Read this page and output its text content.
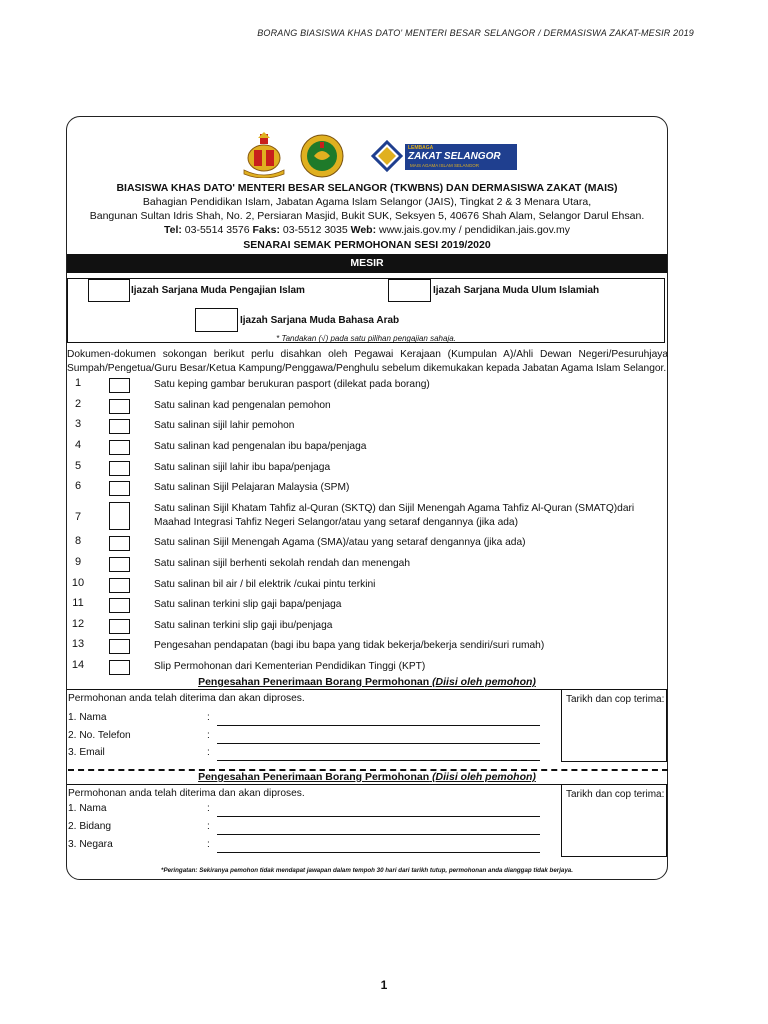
BORANG BIASISWA KHAS DATO' MENTERI BESAR SELANGOR / DERMASISWA ZAKAT-MESIR 2019
LEMBAGA
ZAKAT SELANGOR
MAIS AGAMA ISLAM SELANGOR
BIASISWA KHAS DATO' MENTERI BESAR SELANGOR (TKWBNS) DAN DERMASISWA ZAKAT (MAIS)
Bahagian Pendidikan Islam, Jabatan Agama Islam Selangor (JAIS), Tingkat 2 & 3 Menara Utara,
Bangunan Sultan Idris Shah, No. 2, Persiaran Masjid, Bukit SUK, Seksyen 5, 40676 Shah Alam, Selangor Darul Ehsan.
Tel: 03-5514 3576 Faks: 03-5512 3035 Web: www.jais.gov.my / pendidikan.jais.gov.my
SENARAI SEMAK PERMOHONAN SESI 2019/2020
MESIR
Ijazah Sarjana Muda Pengajian Islam	Ijazah Sarjana Muda Ulum Islamiah
Ijazah Sarjana Muda Bahasa Arab
* Tandakan (√) pada satu pilihan pengajian sahaja.
Dokumen-dokumen sokongan berikut perlu disahkan oleh Pegawai Kerajaan (Kumpulan A)/Ahli Dewan Negeri/Pesuruhjaya
Sumpah/Pengetua/Guru Besar/Ketua Kampung/Penggawa/Penghulu sebelum dikemukakan kepada Jabatan Agama Islam Selangor.
1	Satu keping gambar berukuran pasport (dilekat pada borang)
2	Satu salinan kad pengenalan pemohon
3	Satu salinan sijil lahir pemohon
4	Satu salinan kad pengenalan ibu bapa/penjaga
5	Satu salinan sijil lahir ibu bapa/penjaga
6	Satu salinan Sijil Pelajaran Malaysia (SPM)
7
Satu salinan Sijil Khatam Tahfiz al-Quran (SKTQ) dan Sijil Menengah Agama Tahfiz Al-Quran (SMATQ)dari
Maahad Integrasi Tahfiz Negeri Selangor/atau yang setaraf dengannya (jika ada)
8	Satu salinan Sijil Menengah Agama (SMA)/atau yang setaraf dengannya (jika ada)
9	Satu salinan sijil berhenti sekolah rendah dan menengah
10	Satu salinan bil air / bil elektrik /cukai pintu terkini
11	Satu salinan terkini slip gaji bapa/penjaga
12	Satu salinan terkini slip gaji ibu/penjaga
13	Pengesahan pendapatan (bagi ibu bapa yang tidak bekerja/bekerja sendiri/suri rumah)
14	Slip Permohonan dari Kementerian Pendidikan Tinggi (KPT)
Pengesahan Penerimaan Borang Permohonan (Diisi oleh pemohon)
Permohonan anda telah diterima dan akan diproses.	Tarikh dan cop terima:
1. Nama	:
2. No. Telefon	:
3. Email	:
Pengesahan Penerimaan Borang Permohonan (Diisi oleh pemohon)
Permohonan anda telah diterima dan akan diproses.	Tarikh dan cop terima:
1. Nama	:
2. Bidang	:
3. Negara	:
*Peringatan: Sekiranya pemohon tidak mendapat jawapan dalam tempoh 30 hari dari tarikh tutup, permohonan anda dianggap tidak berjaya.
1
